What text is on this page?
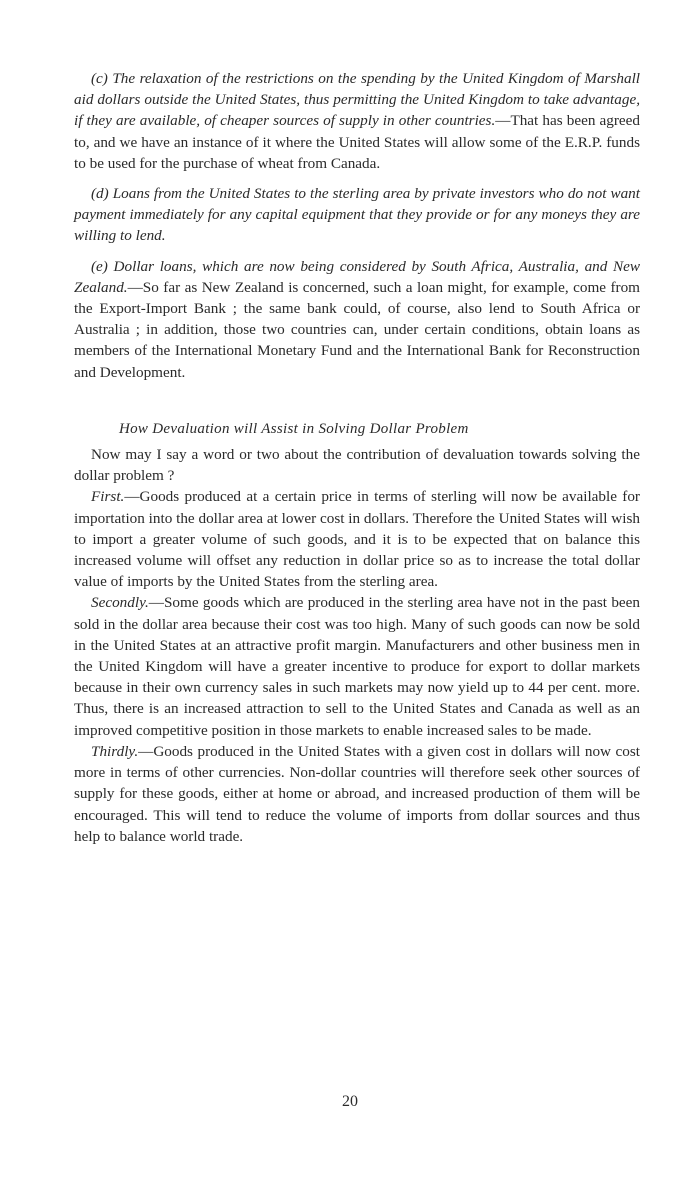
(c) The relaxation of the restrictions on the spending by the United Kingdom of Marshall aid dollars outside the United States, thus permitting the United Kingdom to take advantage, if they are available, of cheaper sources of supply in other countries.—That has been agreed to, and we have an instance of it where the United States will allow some of the E.R.P. funds to be used for the purchase of wheat from Canada.

(d) Loans from the United States to the sterling area by private investors who do not want payment immediately for any capital equipment that they provide or for any moneys they are willing to lend.

(e) Dollar loans, which are now being considered by South Africa, Australia, and New Zealand.—So far as New Zealand is concerned, such a loan might, for example, come from the Export-Import Bank ; the same bank could, of course, also lend to South Africa or Australia ; in addition, those two countries can, under certain conditions, obtain loans as members of the International Monetary Fund and the International Bank for Reconstruction and Development.

How Devaluation will Assist in Solving Dollar Problem

Now may I say a word or two about the contribution of devaluation towards solving the dollar problem ?

First.—Goods produced at a certain price in terms of sterling will now be available for importation into the dollar area at lower cost in dollars. Therefore the United States will wish to import a greater volume of such goods, and it is to be expected that on balance this increased volume will offset any reduction in dollar price so as to increase the total dollar value of imports by the United States from the sterling area.

Secondly.—Some goods which are produced in the sterling area have not in the past been sold in the dollar area because their cost was too high. Many of such goods can now be sold in the United States at an attractive profit margin. Manufacturers and other business men in the United Kingdom will have a greater incentive to produce for export to dollar markets because in their own currency sales in such markets may now yield up to 44 per cent. more. Thus, there is an increased attraction to sell to the United States and Canada as well as an improved competitive position in those markets to enable increased sales to be made.

Thirdly.—Goods produced in the United States with a given cost in dollars will now cost more in terms of other currencies. Non-dollar countries will therefore seek other sources of supply for these goods, either at home or abroad, and increased production of them will be encouraged. This will tend to reduce the volume of imports from dollar sources and thus help to balance world trade.

20
